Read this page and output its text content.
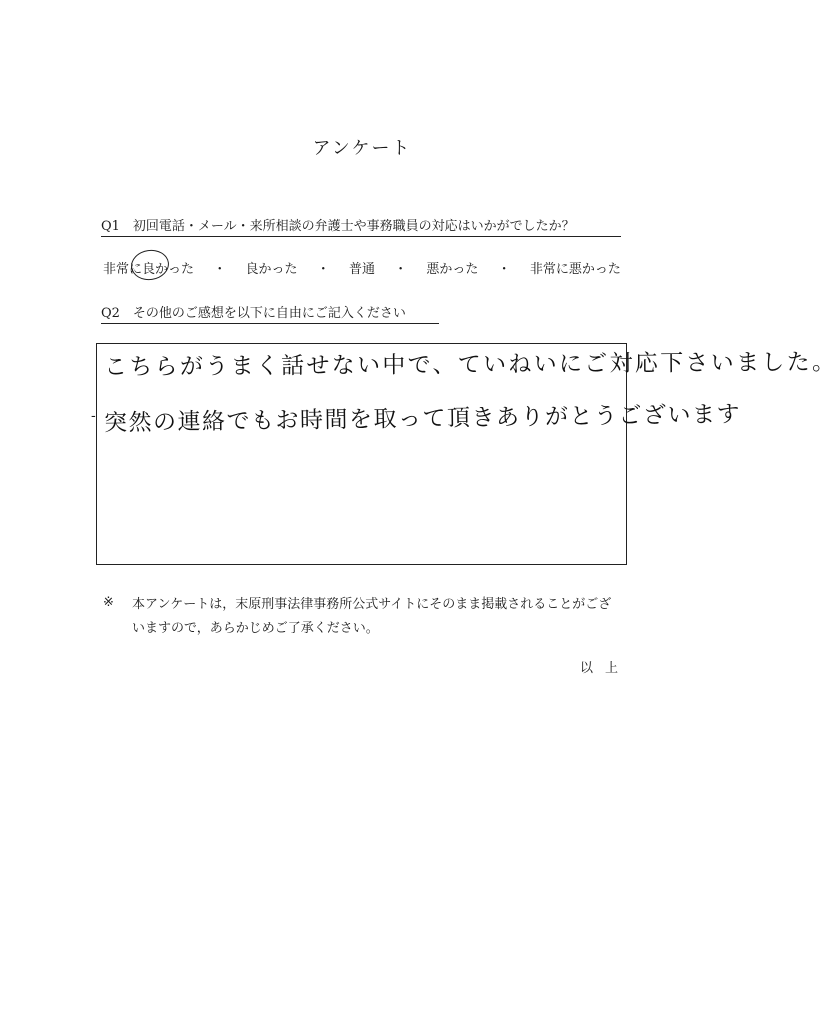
アンケート
Q1　初回電話・メール・来所相談の弁護士や事務職員の対応はいかがでしたか？
非常に良かった ・ 良かった ・ 普通 ・ 悪かった ・ 非常に悪かった
Q2　その他のご感想を以下に自由にご記入ください
こちらがうまく話せない中で、ていねいにご対応下さいました。
- 突然の連絡でもお時間を取って頂きありがとうございます
※ 本アンケートは，末原刑事法律事務所公式サイトにそのまま掲載されることがございますので，あらかじめご了承ください。
以上
